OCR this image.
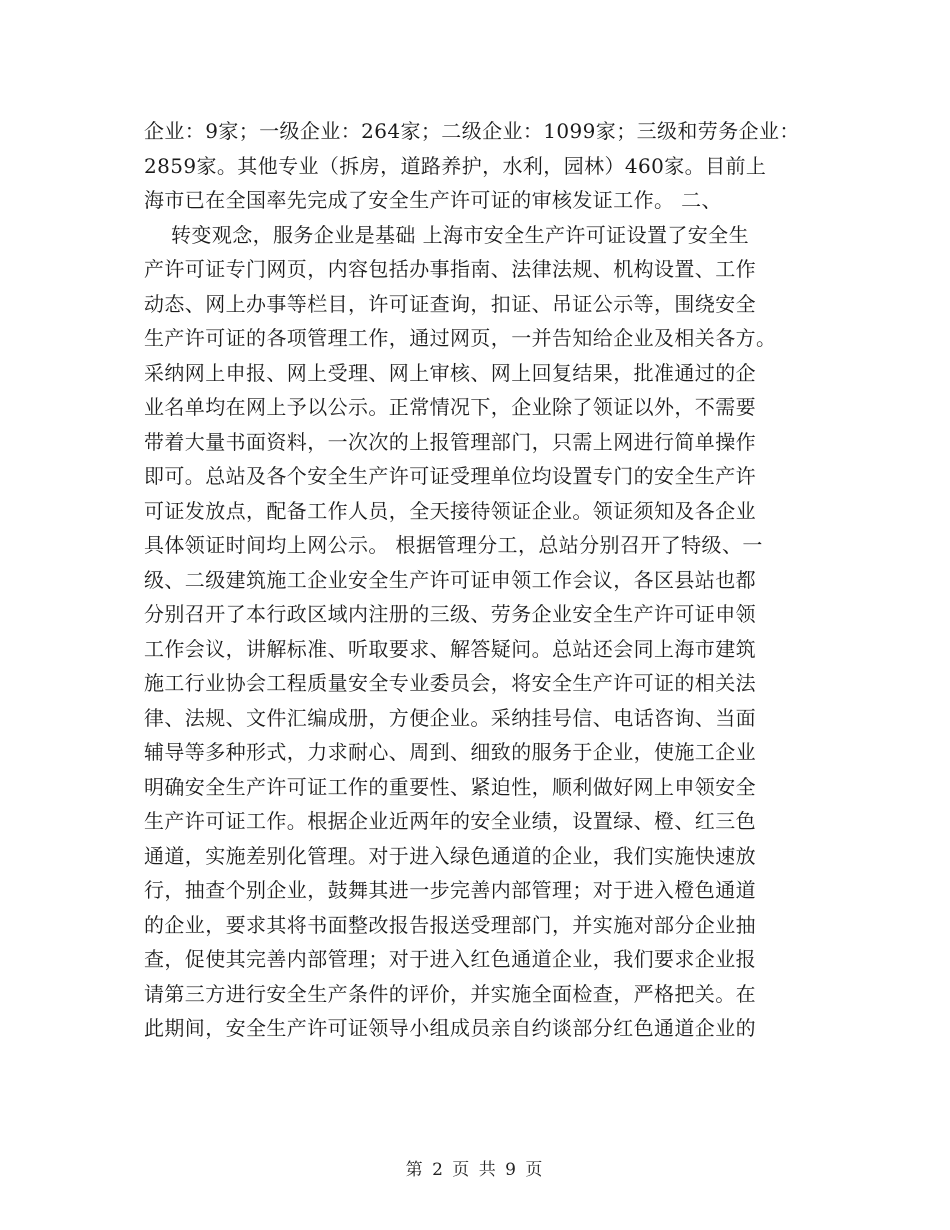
企业：9家；一级企业：264家；二级企业：1099家；三级和劳务企业：
2859家。其他专业（拆房，道路养护，水利，园林）460家。目前上
海市已在全国率先完成了安全生产许可证的审核发证工作。 二、
转变观念，服务企业是基础 上海市安全生产许可证设置了安全生
产许可证专门网页，内容包括办事指南、法律法规、机构设置、工作
动态、网上办事等栏目，许可证查询，扣证、吊证公示等，围绕安全
生产许可证的各项管理工作，通过网页，一并告知给企业及相关各方。
采纳网上申报、网上受理、网上审核、网上回复结果，批准通过的企
业名单均在网上予以公示。正常情况下，企业除了领证以外，不需要
带着大量书面资料，一次次的上报管理部门，只需上网进行简单操作
即可。总站及各个安全生产许可证受理单位均设置专门的安全生产许
可证发放点，配备工作人员，全天接待领证企业。领证须知及各企业
具体领证时间均上网公示。 根据管理分工，总站分别召开了特级、一
级、二级建筑施工企业安全生产许可证申领工作会议，各区县站也都
分别召开了本行政区域内注册的三级、劳务企业安全生产许可证申领
工作会议，讲解标准、听取要求、解答疑问。总站还会同上海市建筑
施工行业协会工程质量安全专业委员会，将安全生产许可证的相关法
律、法规、文件汇编成册，方便企业。采纳挂号信、电话咨询、当面
辅导等多种形式，力求耐心、周到、细致的服务于企业，使施工企业
明确安全生产许可证工作的重要性、紧迫性，顺利做好网上申领安全
生产许可证工作。根据企业近两年的安全业绩，设置绿、橙、红三色
通道，实施差别化管理。对于进入绿色通道的企业，我们实施快速放
行，抽查个别企业，鼓舞其进一步完善内部管理；对于进入橙色通道
的企业，要求其将书面整改报告报送受理部门，并实施对部分企业抽
查，促使其完善内部管理；对于进入红色通道企业，我们要求企业报
请第三方进行安全生产条件的评价，并实施全面检查，严格把关。在
此期间，安全生产许可证领导小组成员亲自约谈部分红色通道企业的
第 2 页 共 9 页
